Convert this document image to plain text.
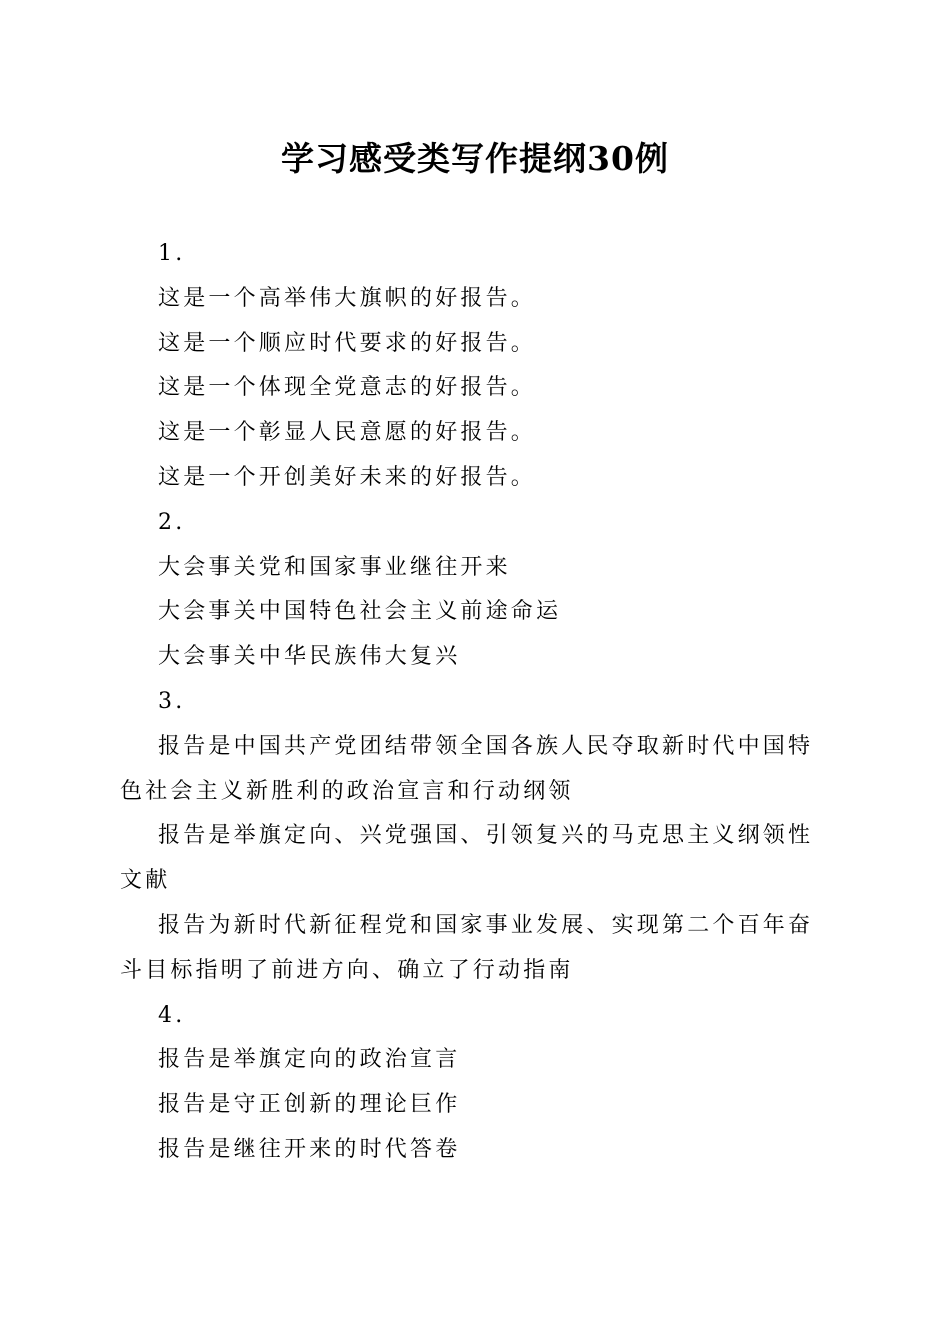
学习感受类写作提纲30例

1.

这是一个高举伟大旗帜的好报告。

这是一个顺应时代要求的好报告。

这是一个体现全党意志的好报告。

这是一个彰显人民意愿的好报告。

这是一个开创美好未来的好报告。

2.

大会事关党和国家事业继往开来

大会事关中国特色社会主义前途命运

大会事关中华民族伟大复兴

3.

报告是中国共产党团结带领全国各族人民夺取新时代中国特色社会主义新胜利的政治宣言和行动纲领

报告是举旗定向、兴党强国、引领复兴的马克思主义纲领性文献

报告为新时代新征程党和国家事业发展、实现第二个百年奋斗目标指明了前进方向、确立了行动指南

4.

报告是举旗定向的政治宣言

报告是守正创新的理论巨作

报告是继往开来的时代答卷
